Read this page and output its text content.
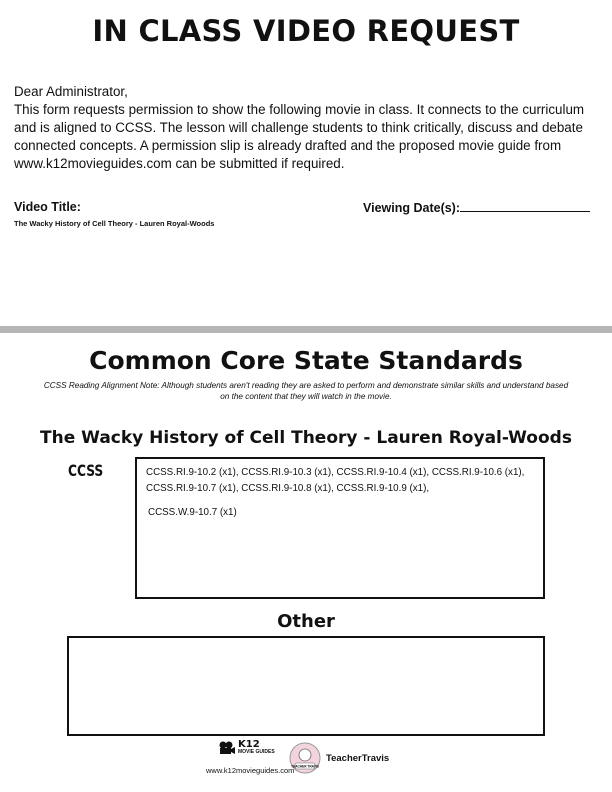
IN CLASS VIDEO REQUEST

Dear Administrator,

This form requests permission to show the following movie in class. It connects to the curriculum and is aligned to CCSS. The lesson will challenge students to think critically, discuss and debate connected concepts. A permission slip is already drafted and the proposed movie guide from www.k12movieguides.com can be submitted if required.

Video Title:
The Wacky History of Cell Theory - Lauren Royal-Woods
Viewing Date(s):
Common Core State Standards
CCSS Reading Alignment Note: Although students aren't reading they are asked to perform and demonstrate similar skills and understand based on the content that they will watch in the movie.
The Wacky History of Cell Theory - Lauren Royal-Woods
CCSS	CCSS.RI.9-10.2 (x1), CCSS.RI.9-10.3 (x1), CCSS.RI.9-10.4 (x1), CCSS.RI.9-10.6 (x1), CCSS.RI.9-10.7 (x1), CCSS.RI.9-10.8 (x1), CCSS.RI.9-10.9 (x1),
CCSS.W.9-10.7 (x1)
Other
K12
MOVIE GUIDES
www.k12movieguides.com
TEACHER TRAVIS
TeacherTravis
